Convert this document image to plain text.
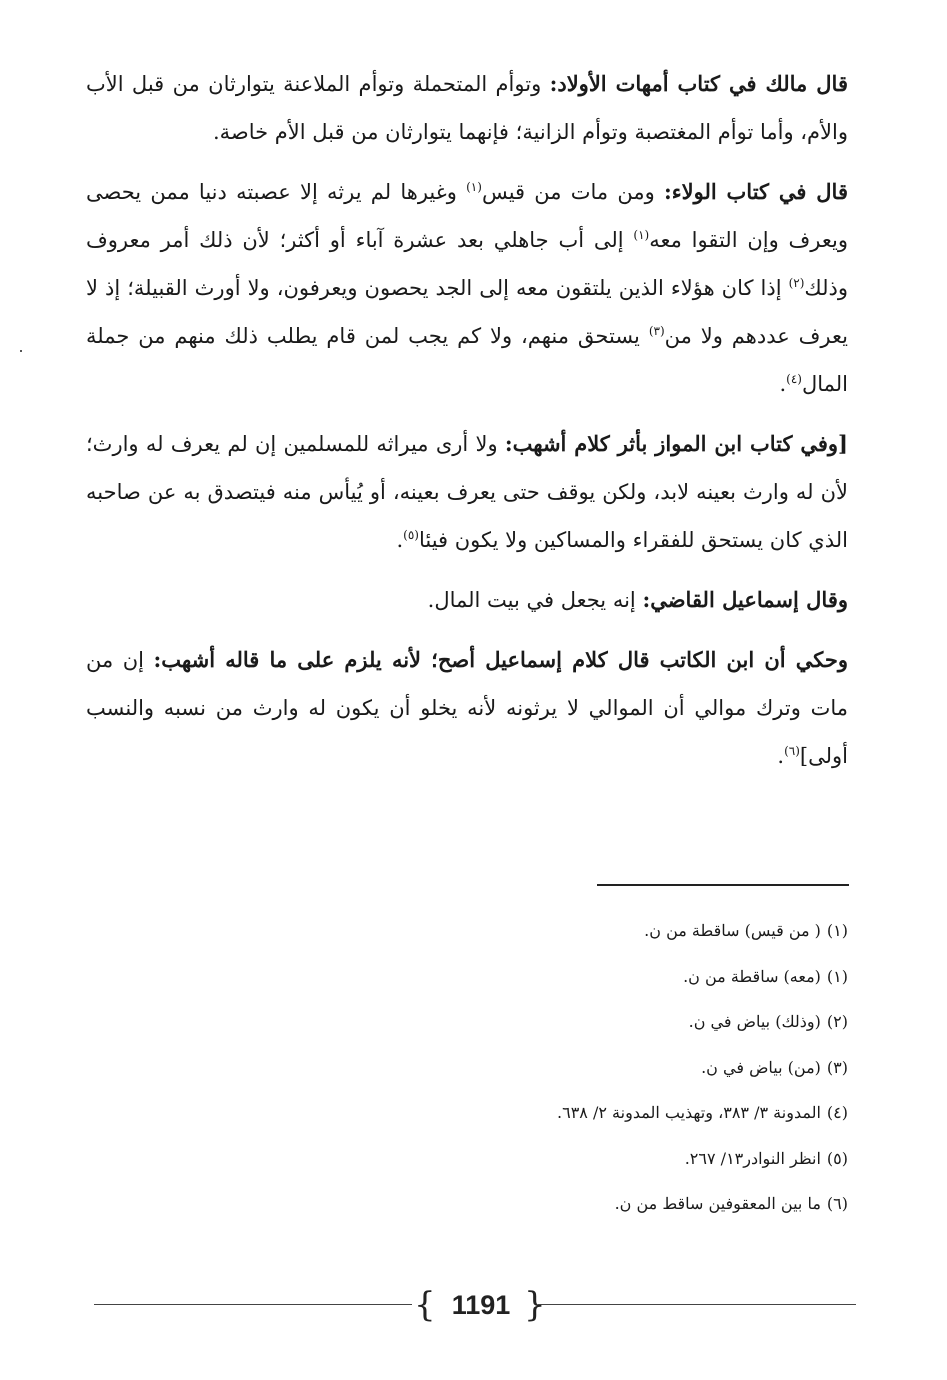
قال مالك في كتاب أمهات الأولاد: وتوأم المتحملة وتوأم الملاعنة يتوارثان من قبل الأب والأم، وأما توأم المغتصبة وتوأم الزانية؛ فإنهما يتوارثان من قبل الأم خاصة.

قال في كتاب الولاء: ومن مات من قيس$^{(١)}$ وغيرها لم يرثه إلا عصبته دنيا ممن يحصى ويعرف وإن التقوا معه$^{(١)}$ إلى أب جاهلي بعد عشرة آباء أو أكثر؛ لأن ذلك أمر معروف وذلك$^{(٢)}$ إذا كان هؤلاء الذين يلتقون معه إلى الجد يحصون ويعرفون، ولا أورث القبيلة؛ إذ لا يعرف عددهم ولا من$^{(٣)}$ يستحق منهم، ولا كم يجب لمن قام يطلب ذلك منهم من جملة المال$^{(٤)}$.

[وفي كتاب ابن المواز بأثر كلام أشهب: ولا أرى ميراثه للمسلمين إن لم يعرف له وارث؛ لأن له وارث بعينه لابد، ولكن يوقف حتى يعرف بعينه، أو يُيأس منه فيتصدق به عن صاحبه الذي كان يستحق للفقراء والمساكين ولا يكون فيئا$^{(٥)}$.

وقال إسماعيل القاضي: إنه يجعل في بيت المال.

وحكي أن ابن الكاتب قال كلام إسماعيل أصح؛ لأنه يلزم على ما قاله أشهب: إن من مات وترك موالي أن الموالي لا يرثونه لأنه يخلو أن يكون له وارث من نسبه والنسب أولى]$^{(٦)}$.

(١)( من قيس) ساقطة من ن.
(١)(معه) ساقطة من ن.
(٢)(وذلك) بياض في ن.
(٣)(من) بياض في ن.
(٤)المدونة ٣/ ٣٨٣، وتهذيب المدونة ٢/ ٦٣٨.
(٥)انظر النوادر١٣/ ٢٦٧.
(٦)ما بين المعقوفين ساقط من ن.
{ 1191 }
